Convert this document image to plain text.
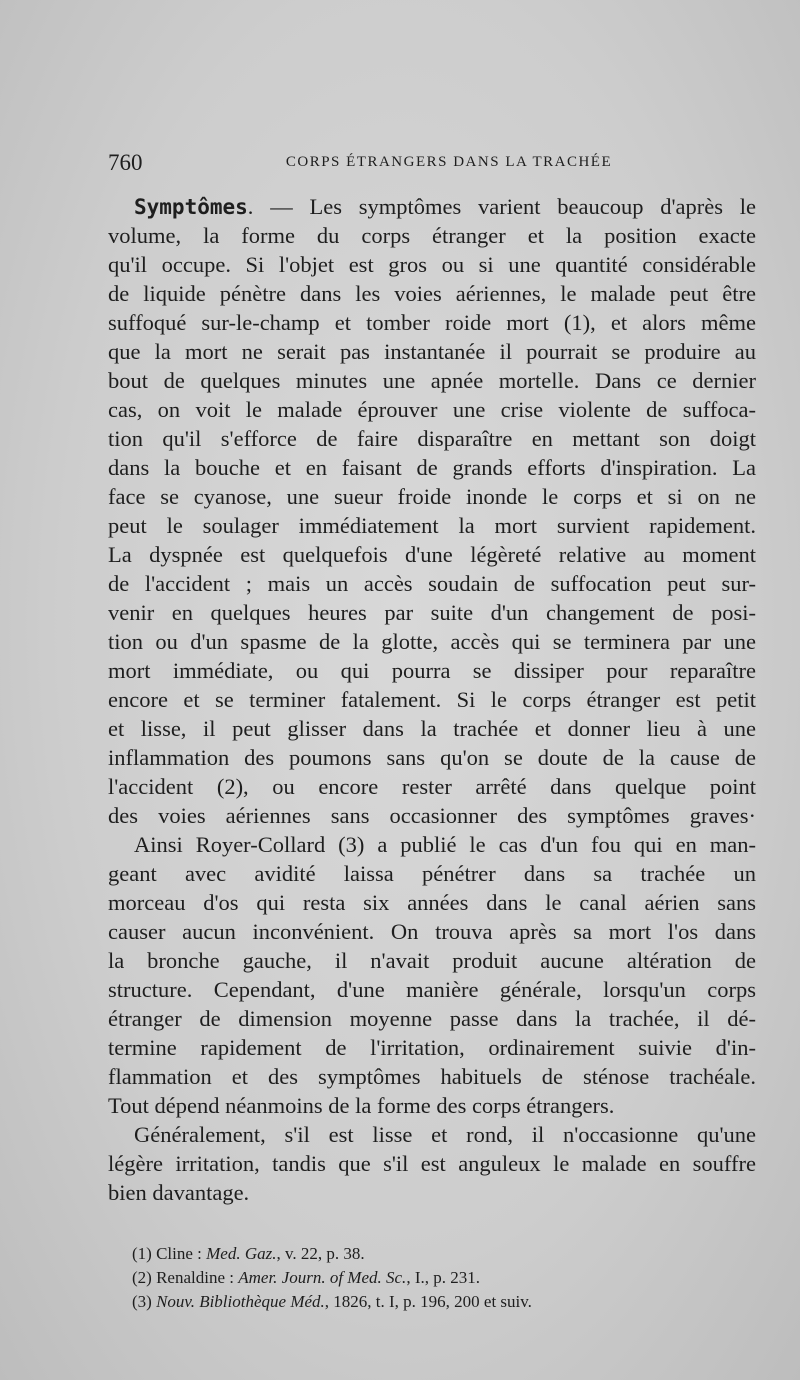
760	CORPS ÉTRANGERS DANS LA TRACHÉE
Symptômes. — Les symptômes varient beaucoup d'après le
volume, la forme du corps étranger et la position exacte
qu'il occupe. Si l'objet est gros ou si une quantité considérable
de liquide pénètre dans les voies aériennes, le malade peut être
suffoqué sur-le-champ et tomber roide mort (1), et alors même
que la mort ne serait pas instantanée il pourrait se produire au
bout de quelques minutes une apnée mortelle. Dans ce dernier
cas, on voit le malade éprouver une crise violente de suffoca-
tion qu'il s'efforce de faire disparaître en mettant son doigt
dans la bouche et en faisant de grands efforts d'inspiration. La
face se cyanose, une sueur froide inonde le corps et si on ne
peut le soulager immédiatement la mort survient rapidement.
La dyspnée est quelquefois d'une légèreté relative au moment
de l'accident ; mais un accès soudain de suffocation peut sur-
venir en quelques heures par suite d'un changement de posi-
tion ou d'un spasme de la glotte, accès qui se terminera par une
mort immédiate, ou qui pourra se dissiper pour reparaître
encore et se terminer fatalement. Si le corps étranger est petit
et lisse, il peut glisser dans la trachée et donner lieu à une
inflammation des poumons sans qu'on se doute de la cause de
l'accident (2), ou encore rester arrêté dans quelque point
des voies aériennes sans occasionner des symptômes graves·
Ainsi Royer-Collard (3) a publié le cas d'un fou qui en man-
geant avec avidité laissa pénétrer dans sa trachée un
morceau d'os qui resta six années dans le canal aérien sans
causer aucun inconvénient. On trouva après sa mort l'os dans
la bronche gauche, il n'avait produit aucune altération de
structure. Cependant, d'une manière générale, lorsqu'un corps
étranger de dimension moyenne passe dans la trachée, il dé-
termine rapidement de l'irritation, ordinairement suivie d'in-
flammation et des symptômes habituels de sténose trachéale.
Tout dépend néanmoins de la forme des corps étrangers.
Généralement, s'il est lisse et rond, il n'occasionne qu'une
légère irritation, tandis que s'il est anguleux le malade en souffre
bien davantage.
(1) Cline : Med. Gaz., v. 22, p. 38.
(2) Renaldine : Amer. Journ. of Med. Sc., I., p. 231.
(3) Nouv. Bibliothèque Méd., 1826, t. I, p. 196, 200 et suiv.
